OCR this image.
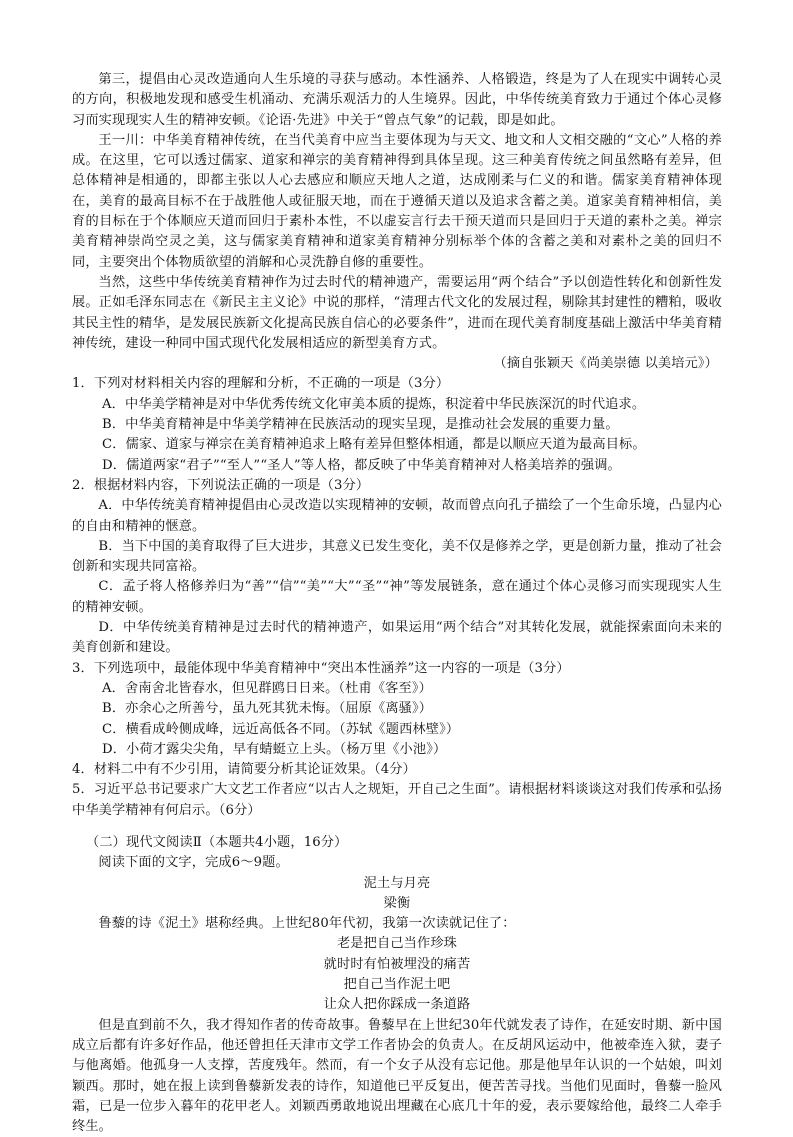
第三，提倡由心灵改造通向人生乐境的寻获与感动。本性涵养、人格锻造，终是为了人在现实中调转心灵的方向，积极地发现和感受生机涌动、充满乐观活力的人生境界。因此，中华传统美育致力于通过个体心灵修习而实现现实人生的精神安顿。《论语·先进》中关于“曾点气象”的记载，即是如此。

王一川：中华美育精神传统，在当代美育中应当主要体现为与天文、地文和人文相交融的“文心”人格的养成。在这里，它可以透过儒家、道家和禅宗的美育精神得到具体呈现。这三种美育传统之间虽然略有差异，但总体精神是相通的，即都主张以人心去感应和顺应天地人之道，达成刚柔与仁义的和谐。儒家美育精神体现在，美育的最高目标不在于战胜他人或征服天地，而在于遵循天道以及追求含蓄之美。道家美育精神相信，美育的目标在于个体顺应天道而回归于素朴本性，不以虚妄言行去干预天道而只是回归于天道的素朴之美。禅宗美育精神崇尚空灵之美，这与儒家美育精神和道家美育精神分别标举个体的含蓄之美和对素朴之美的回归不同，主要突出个体物质欲望的消解和心灵洗静自修的重要性。

当然，这些中华传统美育精神作为过去时代的精神遗产，需要运用“两个结合”予以创造性转化和创新性发展。正如毛泽东同志在《新民主主义论》中说的那样，“清理古代文化的发展过程，剔除其封建性的糟粕，吸收其民主性的精华，是发展民族新文化提高民族自信心的必要条件”，进而在现代美育制度基础上激活中华美育精神传统，建设一种同中国式现代化发展相适应的新型美育方式。

（摘自张颖天《尚美崇德 以美培元》）

1．下列对材料相关内容的理解和分析，不正确的一项是（3分）

A．中华美学精神是对中华优秀传统文化审美本质的提炼，积淀着中华民族深沉的时代追求。

B．中华美育精神是中华美学精神在民族活动的现实呈现，是推动社会发展的重要力量。

C．儒家、道家与禅宗在美育精神追求上略有差异但整体相通，都是以顺应天道为最高目标。

D．儒道两家“君子”“至人”“圣人”等人格，都反映了中华美育精神对人格美培养的强调。

2．根据材料内容，下列说法正确的一项是（3分）

A．中华传统美育精神提倡由心灵改造以实现精神的安顿，故而曾点向孔子描绘了一个生命乐境，凸显内心的自由和精神的惬意。

B．当下中国的美育取得了巨大进步，其意义已发生变化，美不仅是修养之学，更是创新力量，推动了社会创新和实现共同富裕。

C．孟子将人格修养归为“善”“信”“美”“大”“圣”“神”等发展链条，意在通过个体心灵修习而实现现实人生的精神安顿。

D．中华传统美育精神是过去时代的精神遗产，如果运用“两个结合”对其转化发展，就能探索面向未来的美育创新和建设。

3．下列选项中，最能体现中华美育精神中“突出本性涵养”这一内容的一项是（3分）

A．舍南舍北皆春水，但见群鸥日日来。（杜甫《客至》）

B．亦余心之所善兮，虽九死其犹未悔。（屈原《离骚》）

C．横看成岭侧成峰，远近高低各不同。（苏轼《题西林壁》）

D．小荷才露尖尖角，早有蜻蜓立上头。（杨万里《小池》）

4．材料二中有不少引用，请简要分析其论证效果。（4分）

5．习近平总书记要求广大文艺工作者应“以古人之规矩，开自己之生面”。请根据材料谈谈这对我们传承和弘扬中华美学精神有何启示。（6分）

（二）现代文阅读Ⅱ（本题共4小题，16分）

阅读下面的文字，完成6～9题。

泥土与月亮

梁衡

鲁藜的诗《泥土》堪称经典。上世纪80年代初，我第一次读就记住了：

老是把自己当作珍珠

就时时有怕被埋没的痛苦

把自己当作泥土吧

让众人把你踩成一条道路

但是直到前不久，我才得知作者的传奇故事。鲁藜早在上世纪30年代就发表了诗作，在延安时期、新中国成立后都有许多好作品，他还曾担任天津市文学工作者协会的负责人。在反胡风运动中，他被牵连入狱，妻子与他离婚。他孤身一人支撑，苦度残年。然而，有一个女子从没有忘记他。那是他早年认识的一个姑娘，叫刘颖西。那时，她在报上读到鲁藜新发表的诗作，知道他已平反复出，便苦苦寻找。当他们见面时，鲁藜一脸风霜，已是一位步入暮年的花甲老人。刘颖西勇敢地说出埋藏在心底几十年的爱，表示要嫁给他，最终二人牵手终生。
